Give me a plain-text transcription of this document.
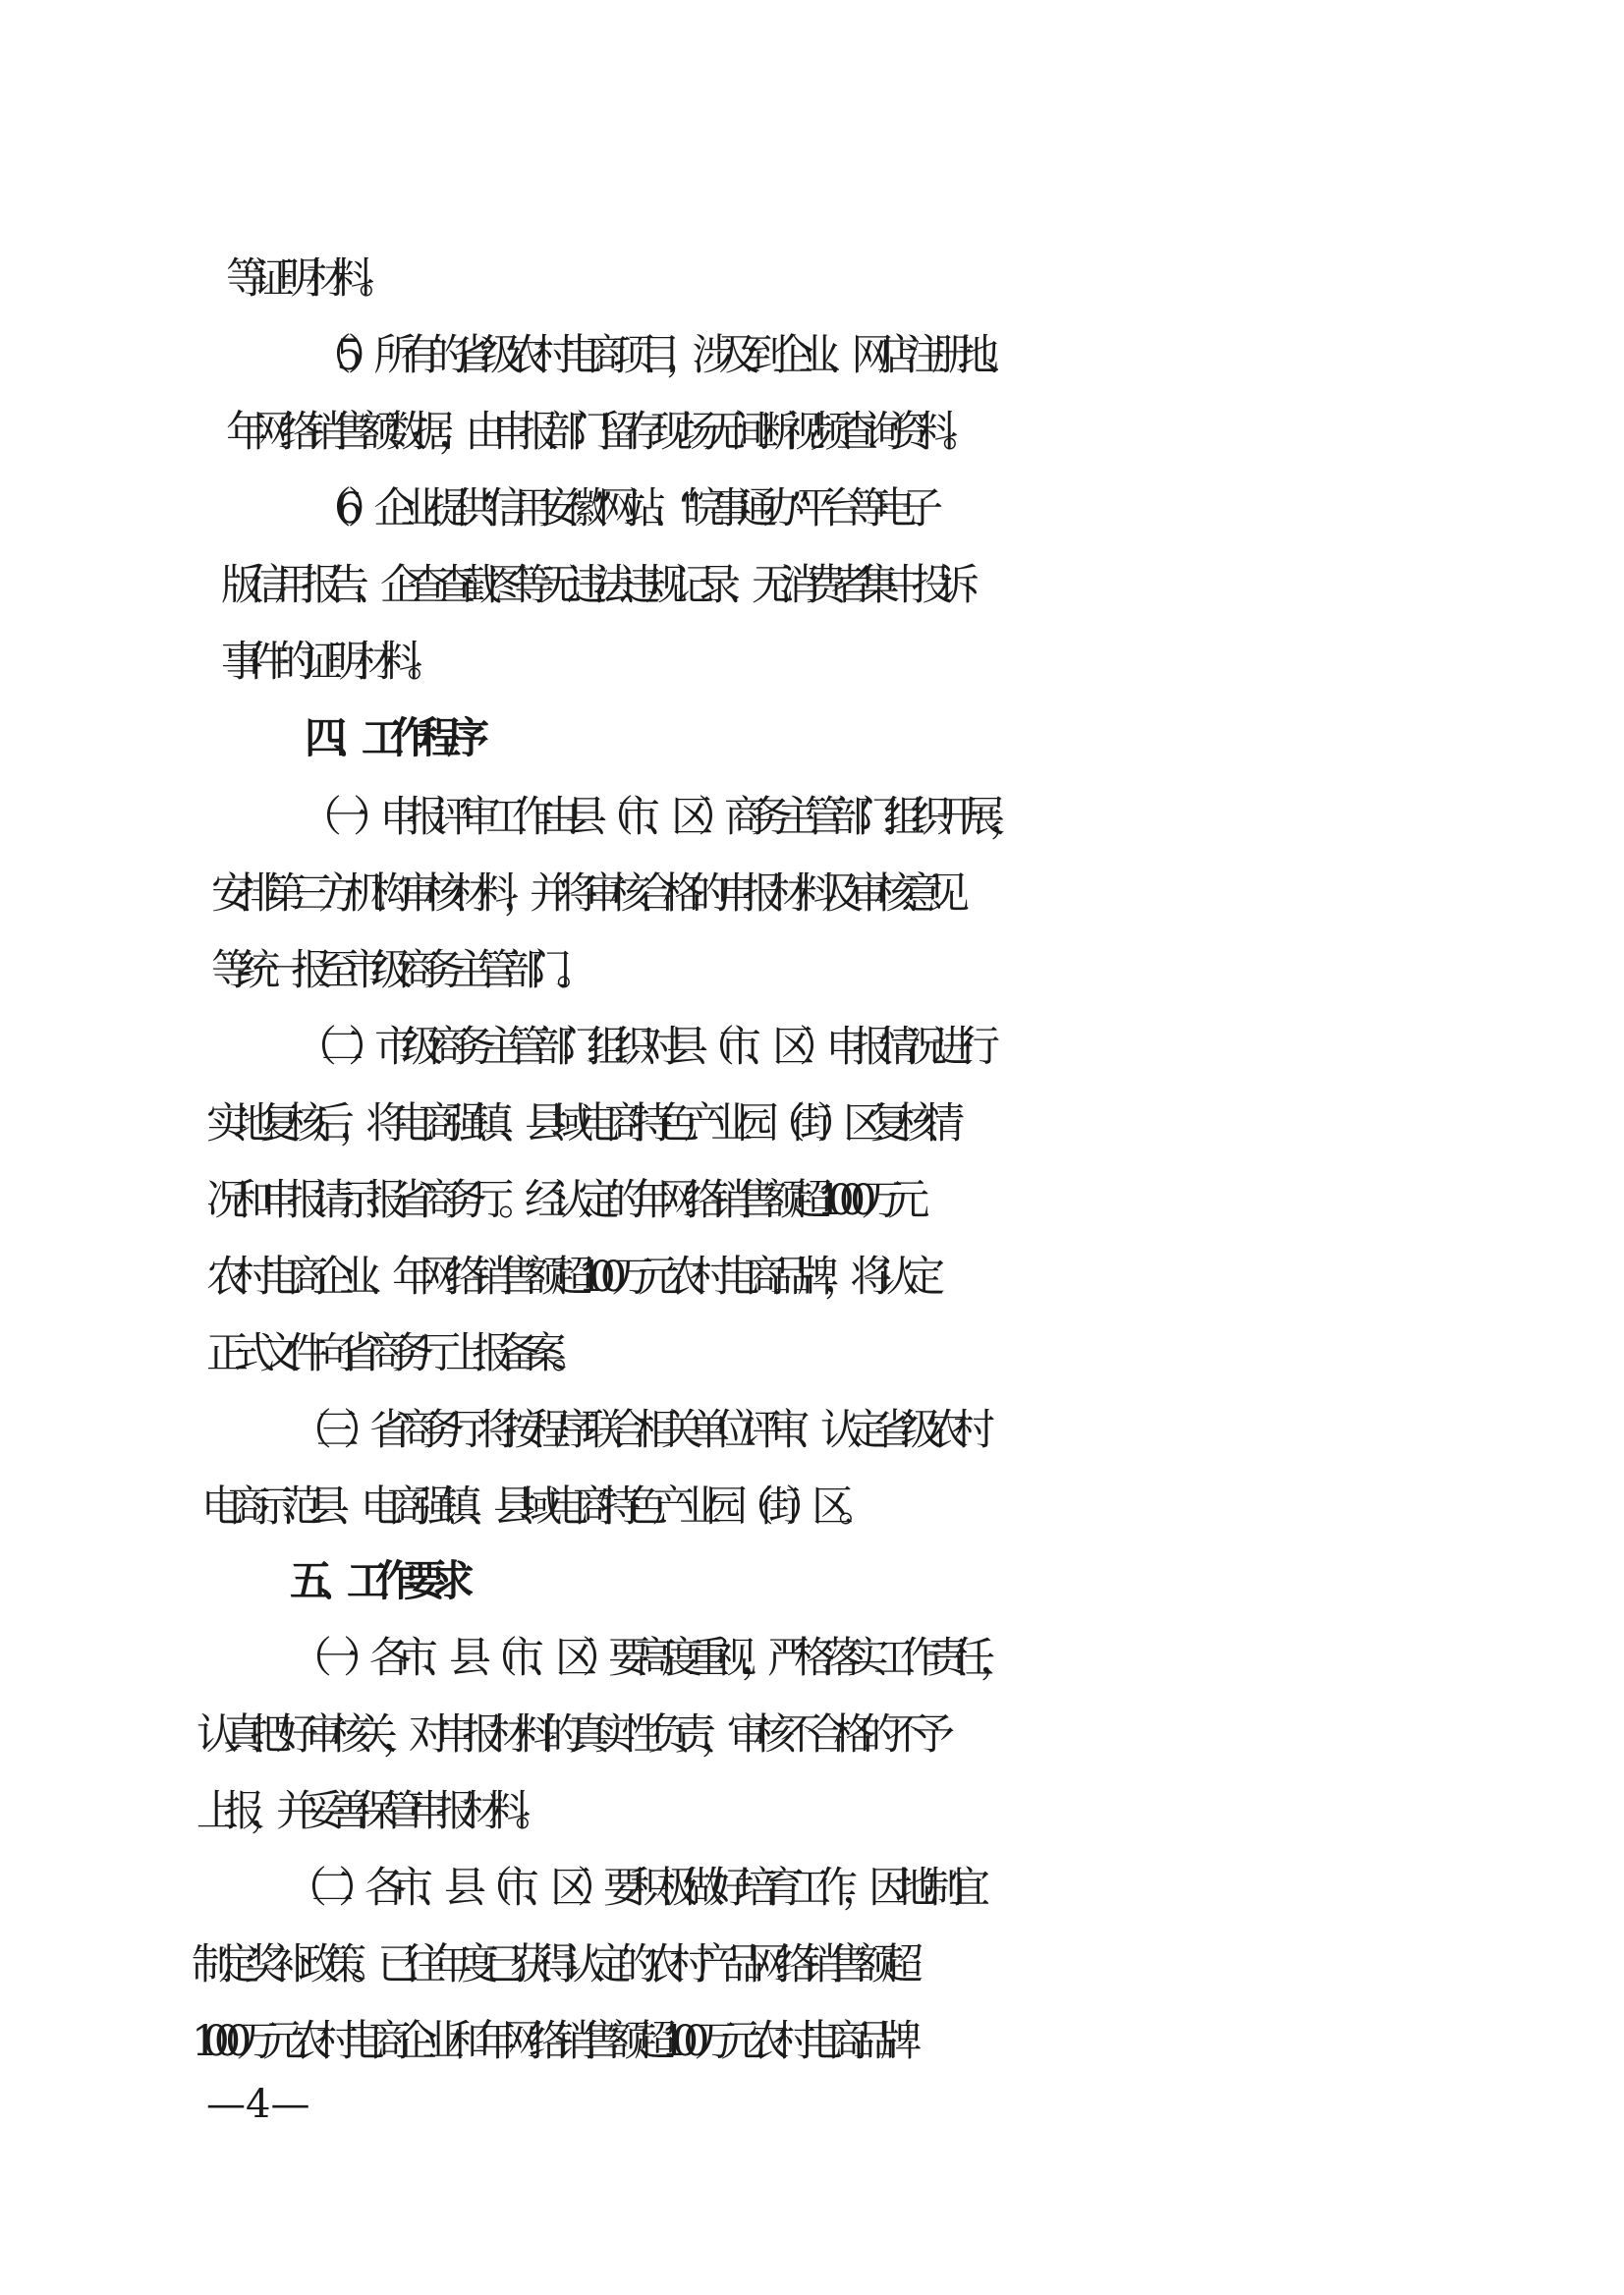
等证明材料。
（5）所有的省级农村电商项目，涉及到企业、网店注册地、
年网络销售额数据，由申报部门留存现场无间断视频查询资料。
（6）企业提供“信用安徽”网站、“皖事通办”平台等电子
版信用报告、企查查截图等无违法违规记录、无消费者集中投诉
事件的证明材料。
四、工作程序
（一）申报评审工作由县（市、区）商务主管部门组织开展，
安排第三方机构审核材料，并将审核合格的申报材料及审核意见
等统一报至市级商务主管部门。
（二）市级商务主管部门组织对县（市、区）申报情况进行
实地复核后，将电商强镇、县域电商特色产业园（街）区复核情
况和申报请示报省商务厅。经认定的年网络销售额超1000万元
农村电商企业、年网络销售额超100万元农村电商品牌，将认定
正式文件向省商务厅上报备案。
（三）省商务厅将按程序联合相关单位评审、认定省级农村
电商示范县、电商强镇、县域电商特色产业园（街）区。
五、工作要求
（一）各市、县（市、区）要高度重视，严格落实工作责任，
认真把好审核关，对申报材料的真实性负责，审核不合格的不予
上报，并妥善保管申报材料。
（二）各市、县（市、区）要积极做好培育工作，因地制宜
制定奖补政策。已往年度已获得认定的农村产品网络销售额超
1000万元农村电商企业和年网络销售额超100万元农村电商品牌
—4—
